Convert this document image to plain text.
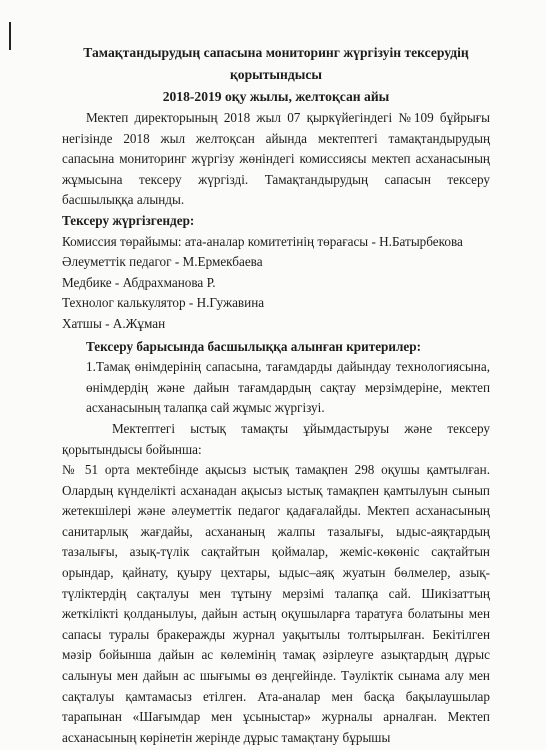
Тамақтандырудың сапасына мониторинг жүргізуін тексерудің

қорытындысы

2018-2019 оқу жылы, желтоқсан айы

Мектеп директорының 2018 жыл 07 қыркүйегіндегі №109 бұйрығы негізінде 2018 жыл желтоқсан айында мектептегі тамақтандырудың сапасына мониторинг жүргізу жөніндегі комиссиясы мектеп асханасының жұмысына тексеру жүргізді. Тамақтандырудың сапасын тексеру басшылыққа алынды.

Тексеру жүргізгендер:

Комиссия төрайымы: ата-аналар комитетінің төрағасы - Н.Батырбекова

Әлеуметтік педагог - М.Ермекбаева

Медбике - Абдрахманова Р.

Технолог калькулятор - Н.Гужавина

Хатшы - А.Жұман

Тексеру барысында басшылыққа алынған критерилер:

1.Тамақ өнімдерінің сапасына, тағамдарды дайындау технологиясына, өнімдердің және дайын тағамдардың сақтау мерзімдеріне, мектеп асханасының талапқа сай жұмыс жүргізуі.

Мектептегі ыстық тамақты ұйымдастыруы және тексеру қорытындысы бойынша:

№ 51 орта мектебінде ақысыз ыстық тамақпен 298 оқушы қамтылған. Олардың күнделікті асханадан ақысыз ыстық тамақпен қамтылуын сынып жетекшілері және әлеуметтік педагог қадағалайды. Мектеп асханасының санитарлық жағдайы, асхананың жалпы тазалығы, ыдыс-аяқтардың тазалығы, азық-түлік сақтайтын қоймалар, жеміс-көкөніс сақтайтын орындар, қайнату, қуыру цехтары, ыдыс–аяқ жуатын бөлмелер, азық-түліктердің сақталуы мен тұтыну мерзімі талапқа сай. Шикізаттың жеткілікті қолданылуы, дайын астың оқушыларға таратуға болатыны мен сапасы туралы бракеражды журнал уақытылы толтырылған. Бекітілген мәзір бойынша дайын ас көлемінің тамақ әзірлеуге азықтардың дұрыс салынуы мен дайын ас шығымы өз деңгейінде. Тәуліктік сынама алу мен сақталуы қамтамасыз етілген. Ата-аналар мен басқа бақылаушылар тарапынан «Шағымдар мен ұсыныстар» журналы арналған. Мектеп асханасының көрінетін жерінде дұрыс тамақтану бұрышы
